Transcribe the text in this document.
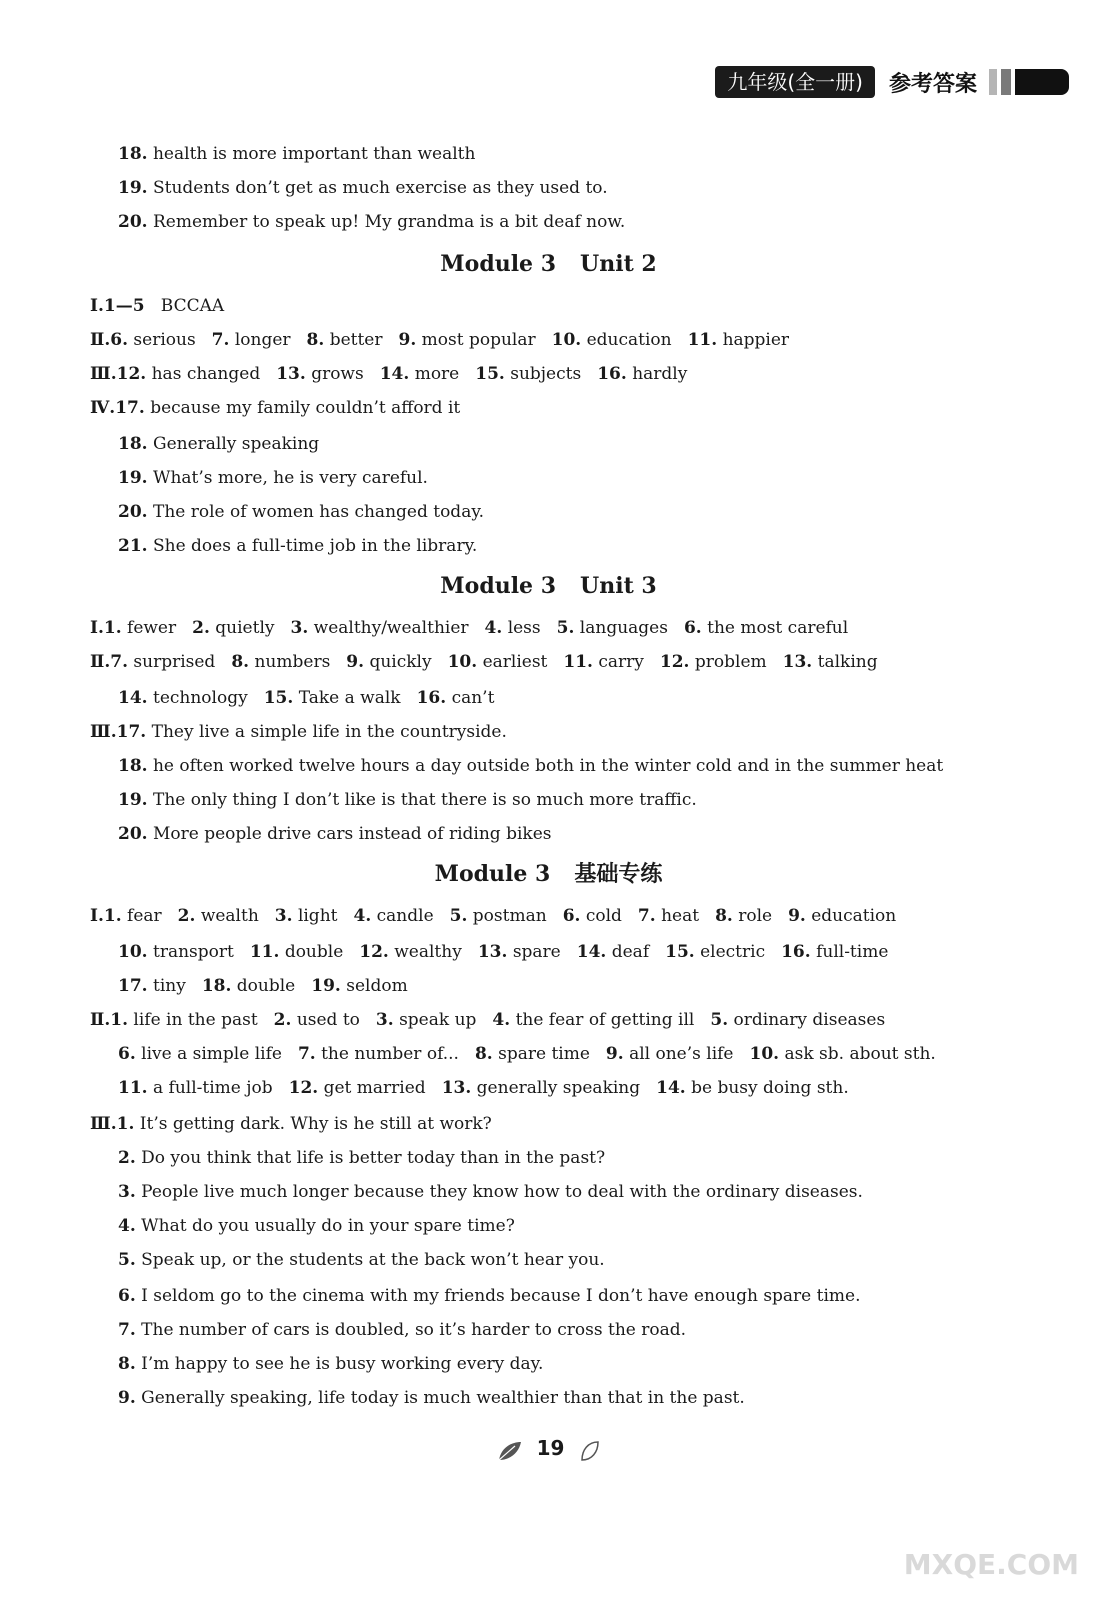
九年级(全一册)	参考答案
18. health is more important than wealth
19. Students don’t get as much exercise as they used to.
20. Remember to speak up! My grandma is a bit deaf now.
Module 3 Unit 2
Ⅰ.1—5 BCCAA
Ⅱ.6. serious 7. longer 8. better 9. most popular 10. education 11. happier
Ⅲ.12. has changed 13. grows 14. more 15. subjects 16. hardly
Ⅳ.17. because my family couldn’t afford it
18. Generally speaking
19. What’s more, he is very careful.
20. The role of women has changed today.
21. She does a full-time job in the library.
Module 3 Unit 3
Ⅰ.1. fewer 2. quietly 3. wealthy/wealthier 4. less 5. languages 6. the most careful
Ⅱ.7. surprised 8. numbers 9. quickly 10. earliest 11. carry 12. problem 13. talking
14. technology 15. Take a walk 16. can’t
Ⅲ.17. They live a simple life in the countryside.
18. he often worked twelve hours a day outside both in the winter cold and in the summer heat
19. The only thing I don’t like is that there is so much more traffic.
20. More people drive cars instead of riding bikes
Module 3 基础专练
Ⅰ.1. fear 2. wealth 3. light 4. candle 5. postman 6. cold 7. heat 8. role 9. education
10. transport 11. double 12. wealthy 13. spare 14. deaf 15. electric 16. full-time
17. tiny 18. double 19. seldom
Ⅱ.1. life in the past 2. used to 3. speak up 4. the fear of getting ill 5. ordinary diseases
6. live a simple life 7. the number of... 8. spare time 9. all one’s life 10. ask sb. about sth.
11. a full-time job 12. get married 13. generally speaking 14. be busy doing sth.
Ⅲ.1. It’s getting dark. Why is he still at work?
2. Do you think that life is better today than in the past?
3. People live much longer because they know how to deal with the ordinary diseases.
4. What do you usually do in your spare time?
5. Speak up, or the students at the back won’t hear you.
6. I seldom go to the cinema with my friends because I don’t have enough spare time.
7. The number of cars is doubled, so it’s harder to cross the road.
8. I’m happy to see he is busy working every day.
9. Generally speaking, life today is much wealthier than that in the past.
19
MXQE.COM
